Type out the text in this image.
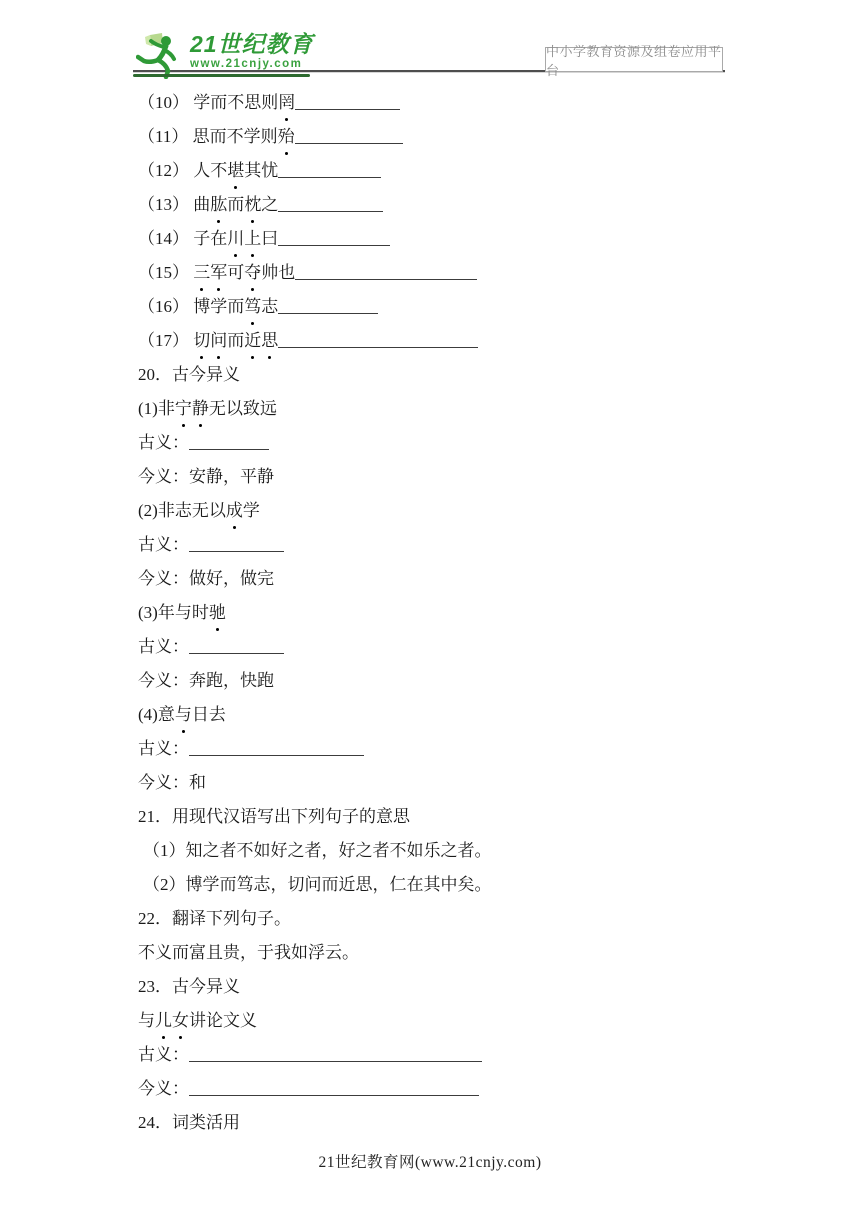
21世纪教育
www.21cnjy.com
中小学教育资源及组卷应用平台
（10） 学而不思则罔
（11） 思而不学则殆
（12） 人不堪其忧
（13） 曲肱而枕之
（14） 子在川上曰
（15） 三军可夺帅也
（16） 博学而笃志
（17） 切问而近思
20．古今异义
(1)非宁静无以致远
古义：
今义：安静，平静
(2)非志无以成学
古义：
今义：做好，做完
(3)年与时驰
古义：
今义：奔跑，快跑
(4)意与日去
古义：
今义：和
21．用现代汉语写出下列句子的意思
（1）知之者不如好之者，好之者不如乐之者。
（2）博学而笃志，切问而近思，仁在其中矣。
22．翻译下列句子。
不义而富且贵，于我如浮云。
23．古今异义
与儿女讲论文义
古义：
今义：
24．词类活用
21世纪教育网(www.21cnjy.com)
